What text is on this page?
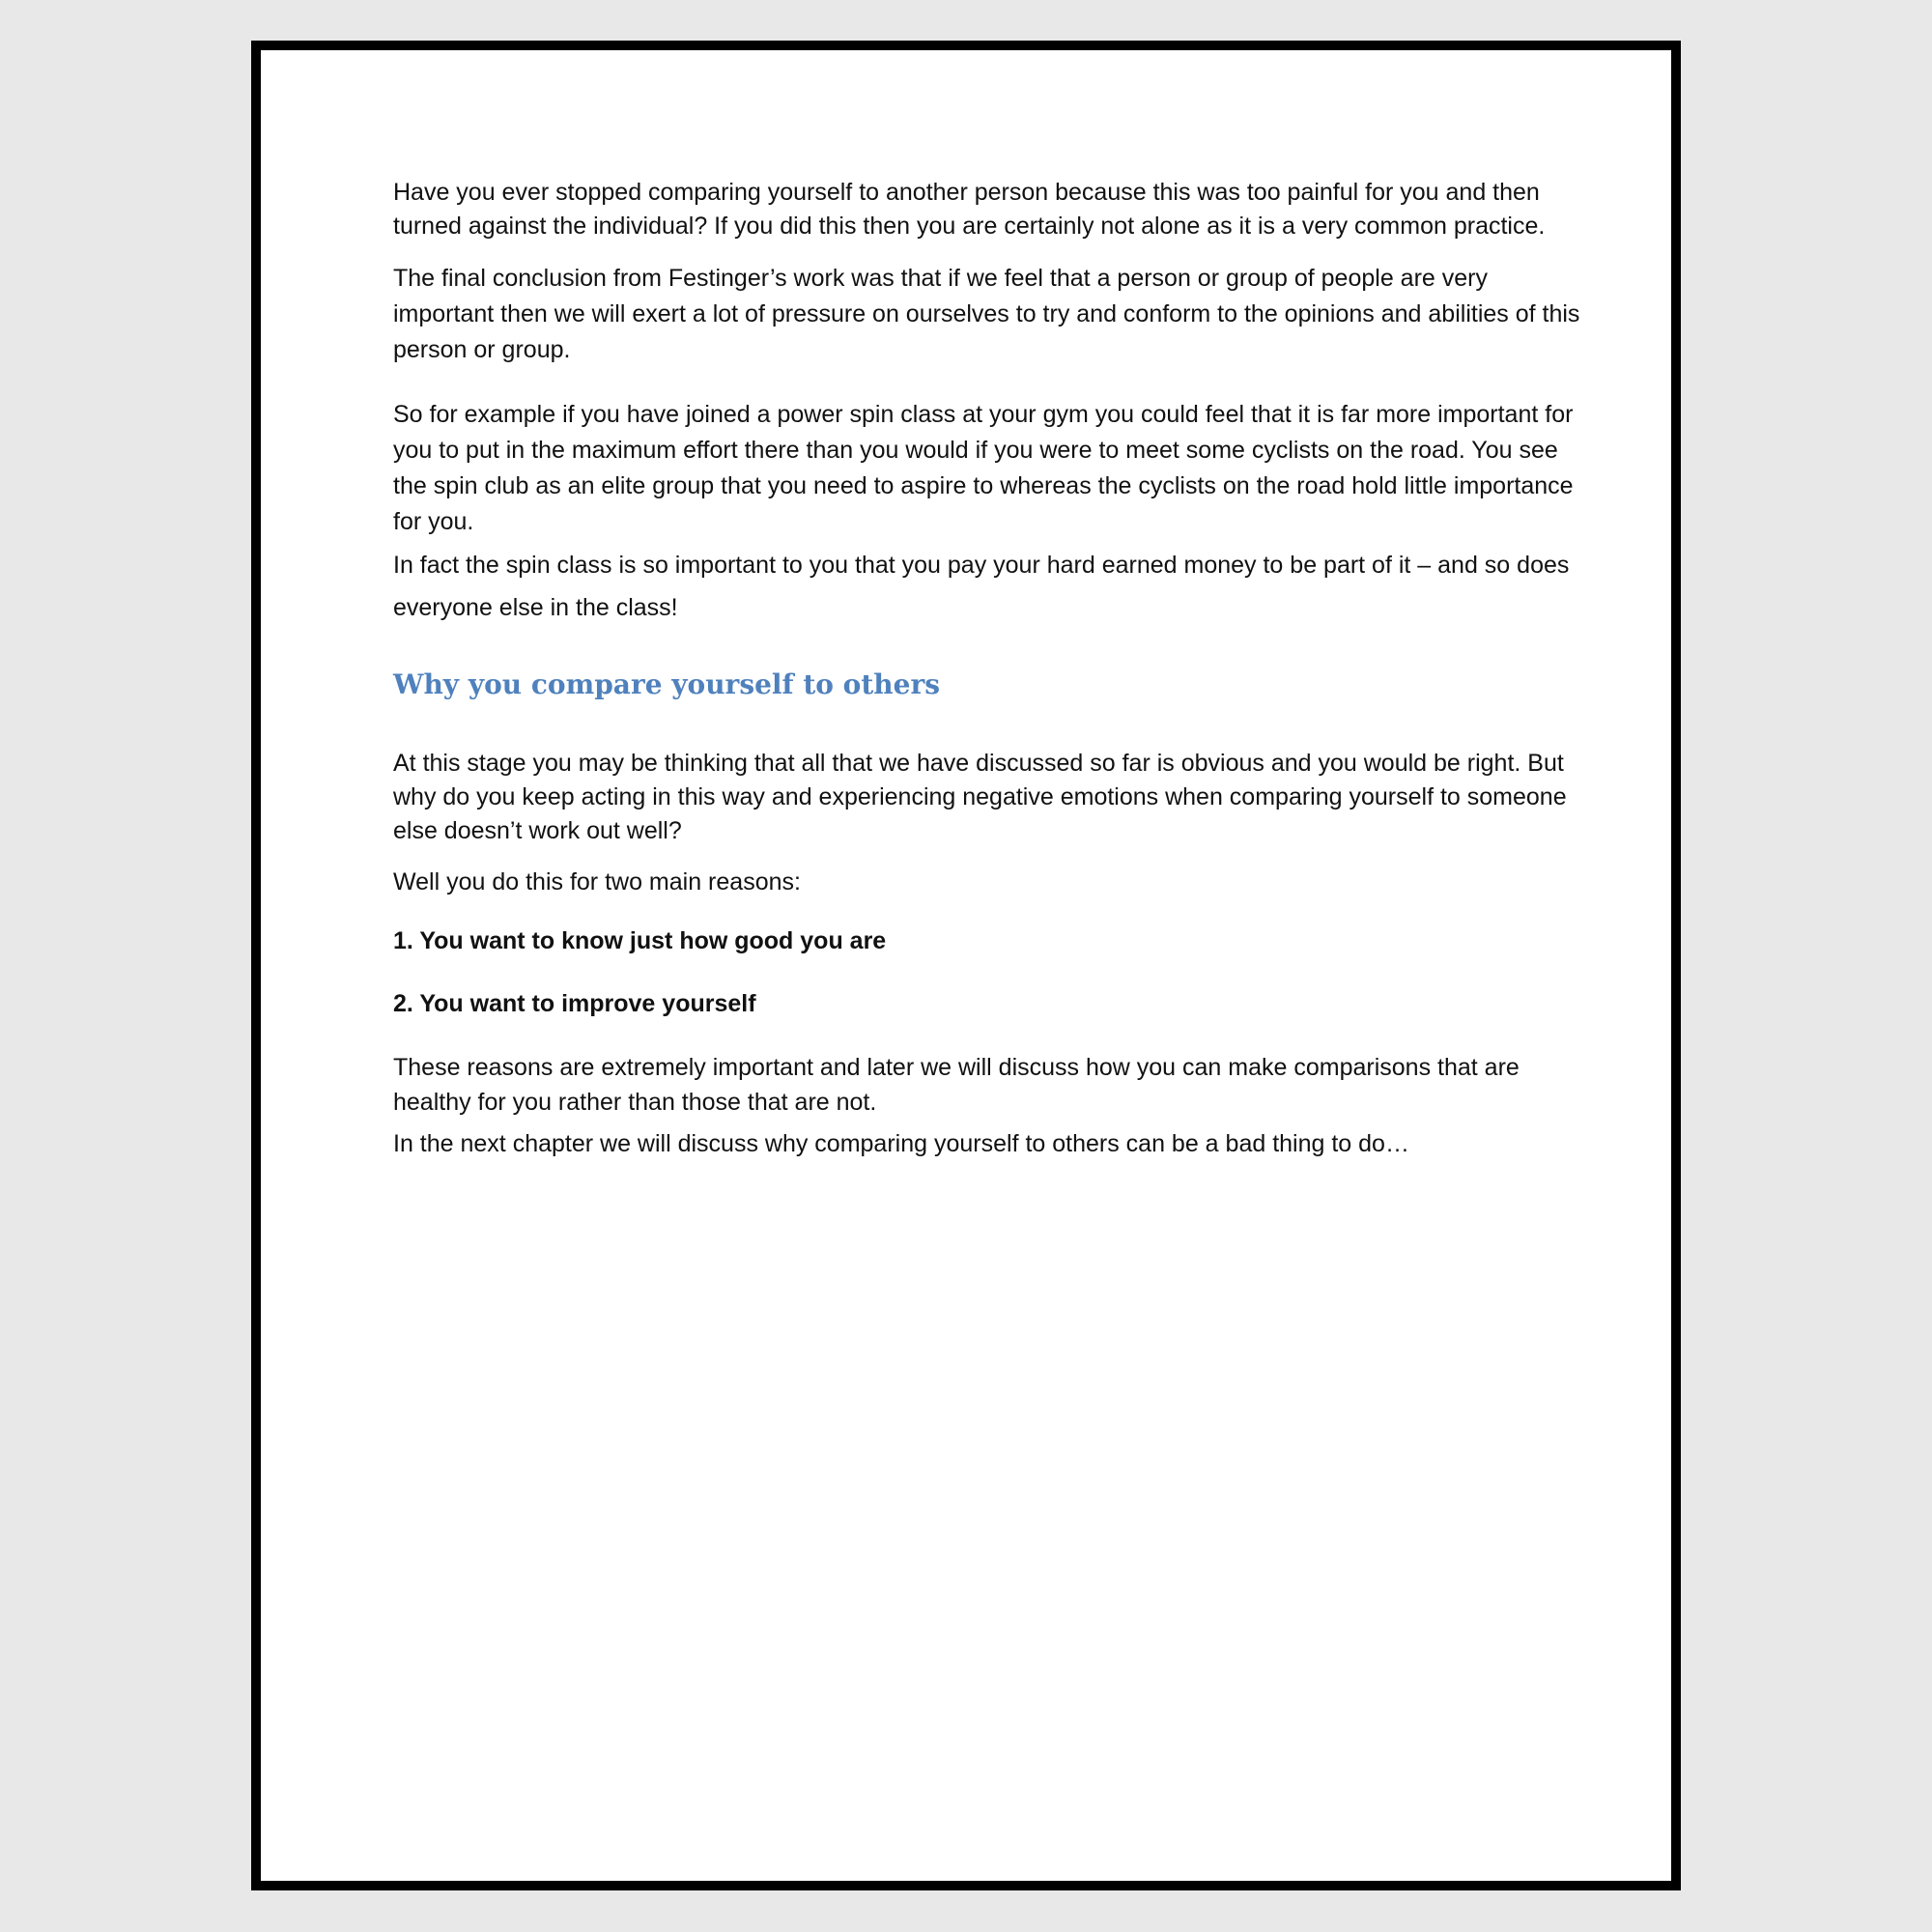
Have you ever stopped comparing yourself to another person because this was too painful for you and then turned against the individual? If you did this then you are certainly not alone as it is a very common practice.

The final conclusion from Festinger’s work was that if we feel that a person or group of people are very important then we will exert a lot of pressure on ourselves to try and conform to the opinions and abilities of this person or group.

So for example if you have joined a power spin class at your gym you could feel that it is far more important for you to put in the maximum effort there than you would if you were to meet some cyclists on the road. You see the spin club as an elite group that you need to aspire to whereas the cyclists on the road hold little importance for you.

In fact the spin class is so important to you that you pay your hard earned money to be part of it – and so does everyone else in the class!

Why you compare yourself to others

At this stage you may be thinking that all that we have discussed so far is obvious and you would be right. But why do you keep acting in this way and experiencing negative emotions when comparing yourself to someone else doesn’t work out well?

Well you do this for two main reasons:

1. You want to know just how good you are

2. You want to improve yourself

These reasons are extremely important and later we will discuss how you can make comparisons that are healthy for you rather than those that are not.

In the next chapter we will discuss why comparing yourself to others can be a bad thing to do…
